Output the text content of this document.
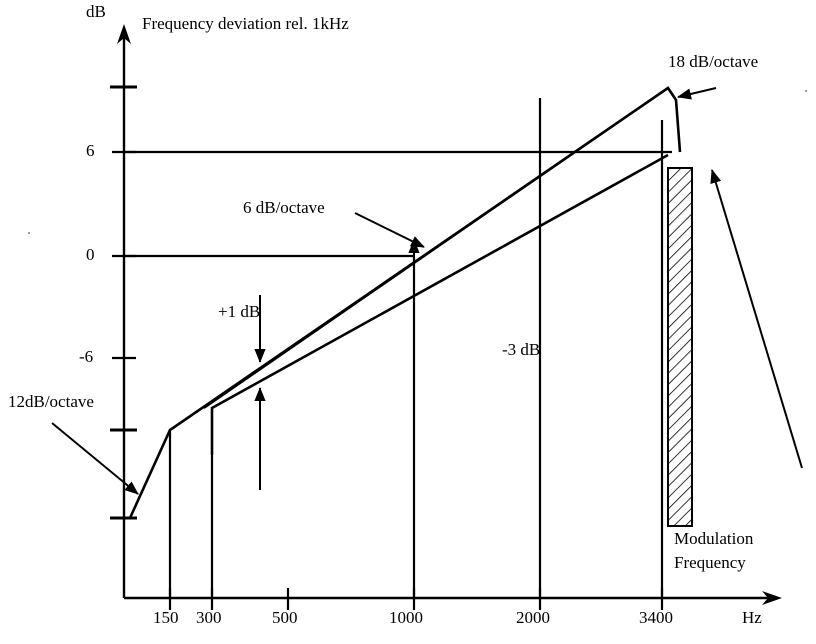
dB
Frequency deviation rel. 1kHz
6
0
-6
150 300	500	1000	2000	3400	Hz
18 dB/octave
6 dB/octave
12dB/octave
+1 dB
-3 dB
Modulation
Frequency
